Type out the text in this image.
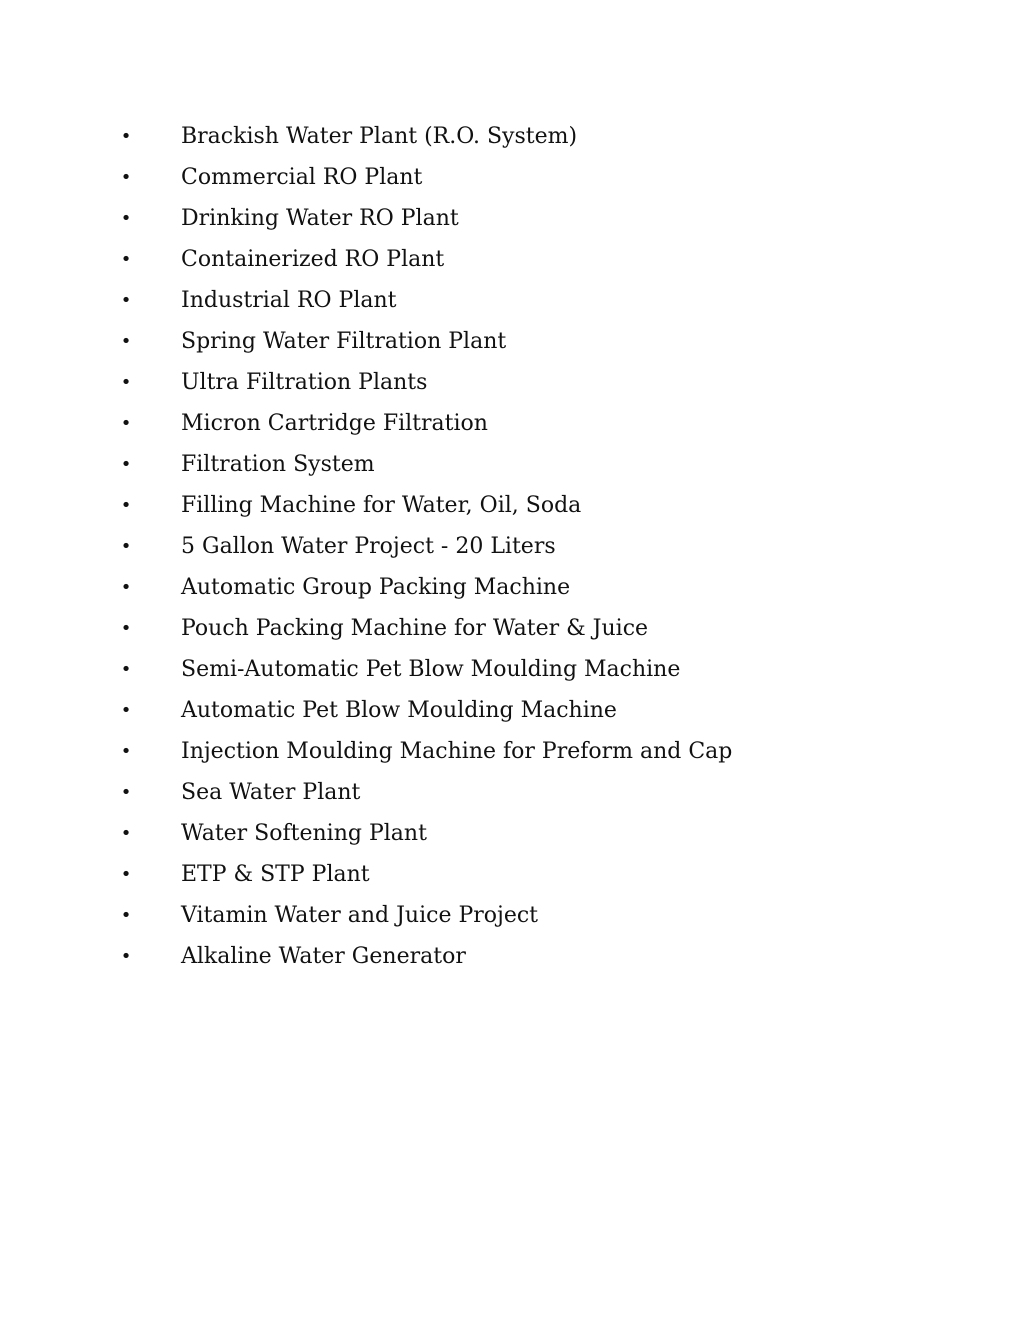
• Brackish Water Plant (R.O. System)
• Commercial RO Plant
• Drinking Water RO Plant
• Containerized RO Plant
• Industrial RO Plant
• Spring Water Filtration Plant
• Ultra Filtration Plants
• Micron Cartridge Filtration
• Filtration System
• Filling Machine for Water, Oil, Soda
• 5 Gallon Water Project - 20 Liters
• Automatic Group Packing Machine
• Pouch Packing Machine for Water & Juice
• Semi-Automatic Pet Blow Moulding Machine
• Automatic Pet Blow Moulding Machine
• Injection Moulding Machine for Preform and Cap
• Sea Water Plant
• Water Softening Plant
• ETP & STP Plant
• Vitamin Water and Juice Project
• Alkaline Water Generator
